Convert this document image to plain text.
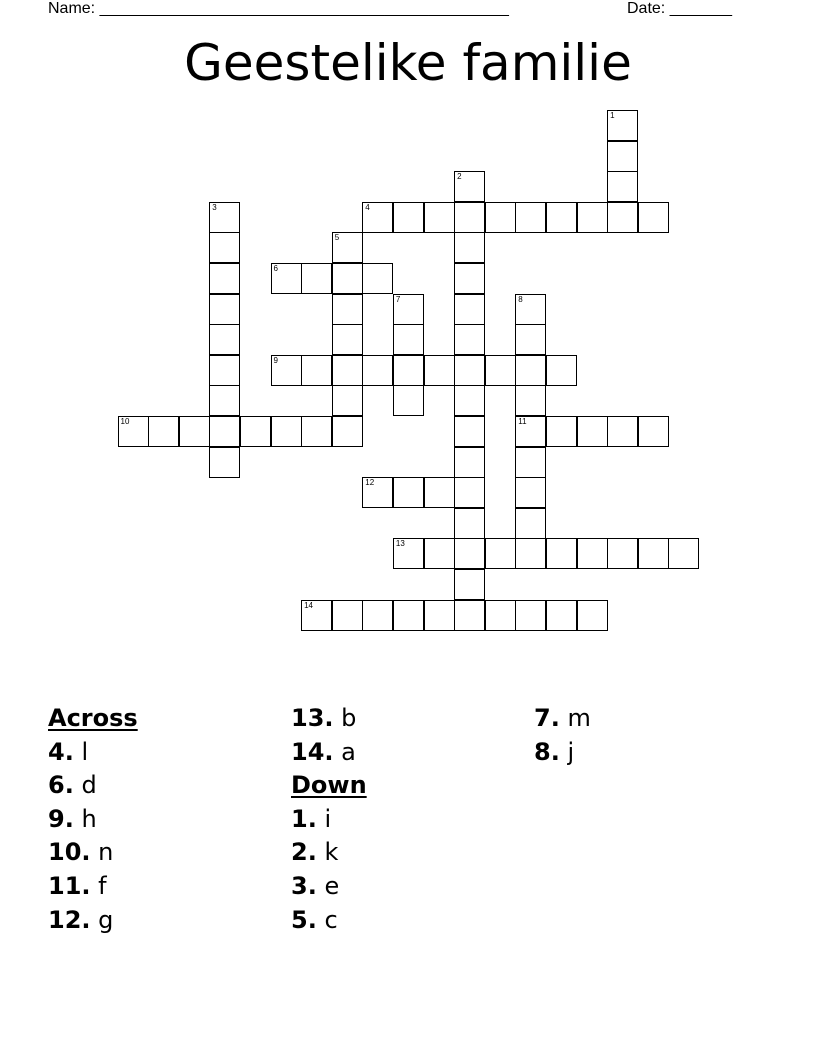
Name: ______________________________________________	Date: _______
Geestelike familie
1
2
3	4
5
6
7	8
11
9
10
12
13
14
Across
4. l
6. d
9. h
10. n
11. f
12. g
13. b
14. a
Down
1. i
2. k
3. e
5. c
7. m
8. j
